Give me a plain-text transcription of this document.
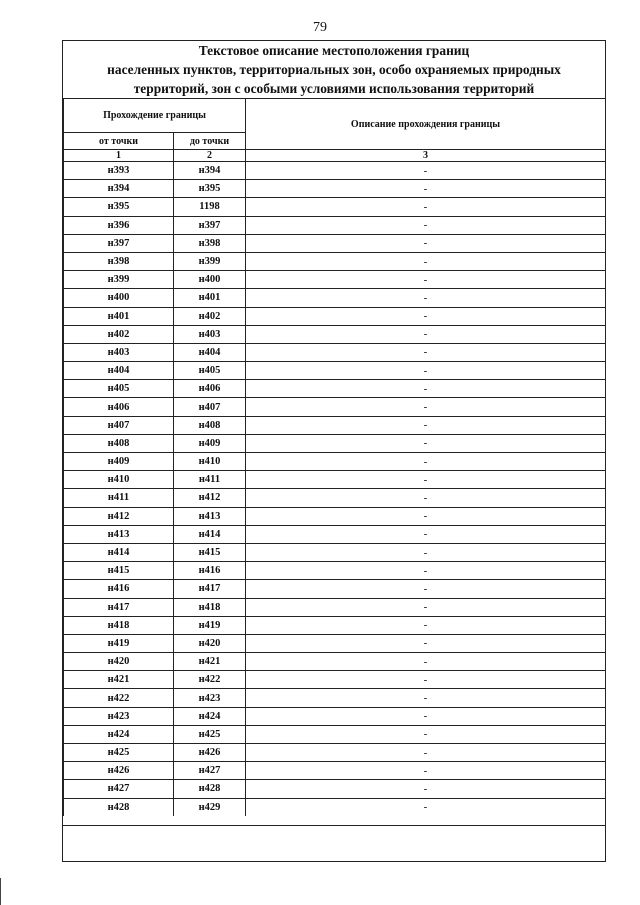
79
Текстовое описание местоположения границ
населенных пунктов, территориальных зон, особо охраняемых природных
территорий, зон с особыми условиями использования территорий
Прохождение границы		Описание прохождения границы
от точки	до точки	
1	2	3
н393	н394	-
н394	н395	-
н395	1198	-
н396	н397	-
н397	н398	-
н398	н399	-
н399	н400	-
н400	н401	-
н401	н402	-
н402	н403	-
н403	н404	-
н404	н405	-
н405	н406	-
н406	н407	-
н407	н408	-
н408	н409	-
н409	н410	-
н410	н411	-
н411	н412	-
н412	н413	-
н413	н414	-
н414	н415	-
н415	н416	-
н416	н417	-
н417	н418	-
н418	н419	-
н419	н420	-
н420	н421	-
н421	н422	-
н422	н423	-
н423	н424	-
н424	н425	-
н425	н426	-
н426	н427	-
н427	н428	-
н428	н429	-
